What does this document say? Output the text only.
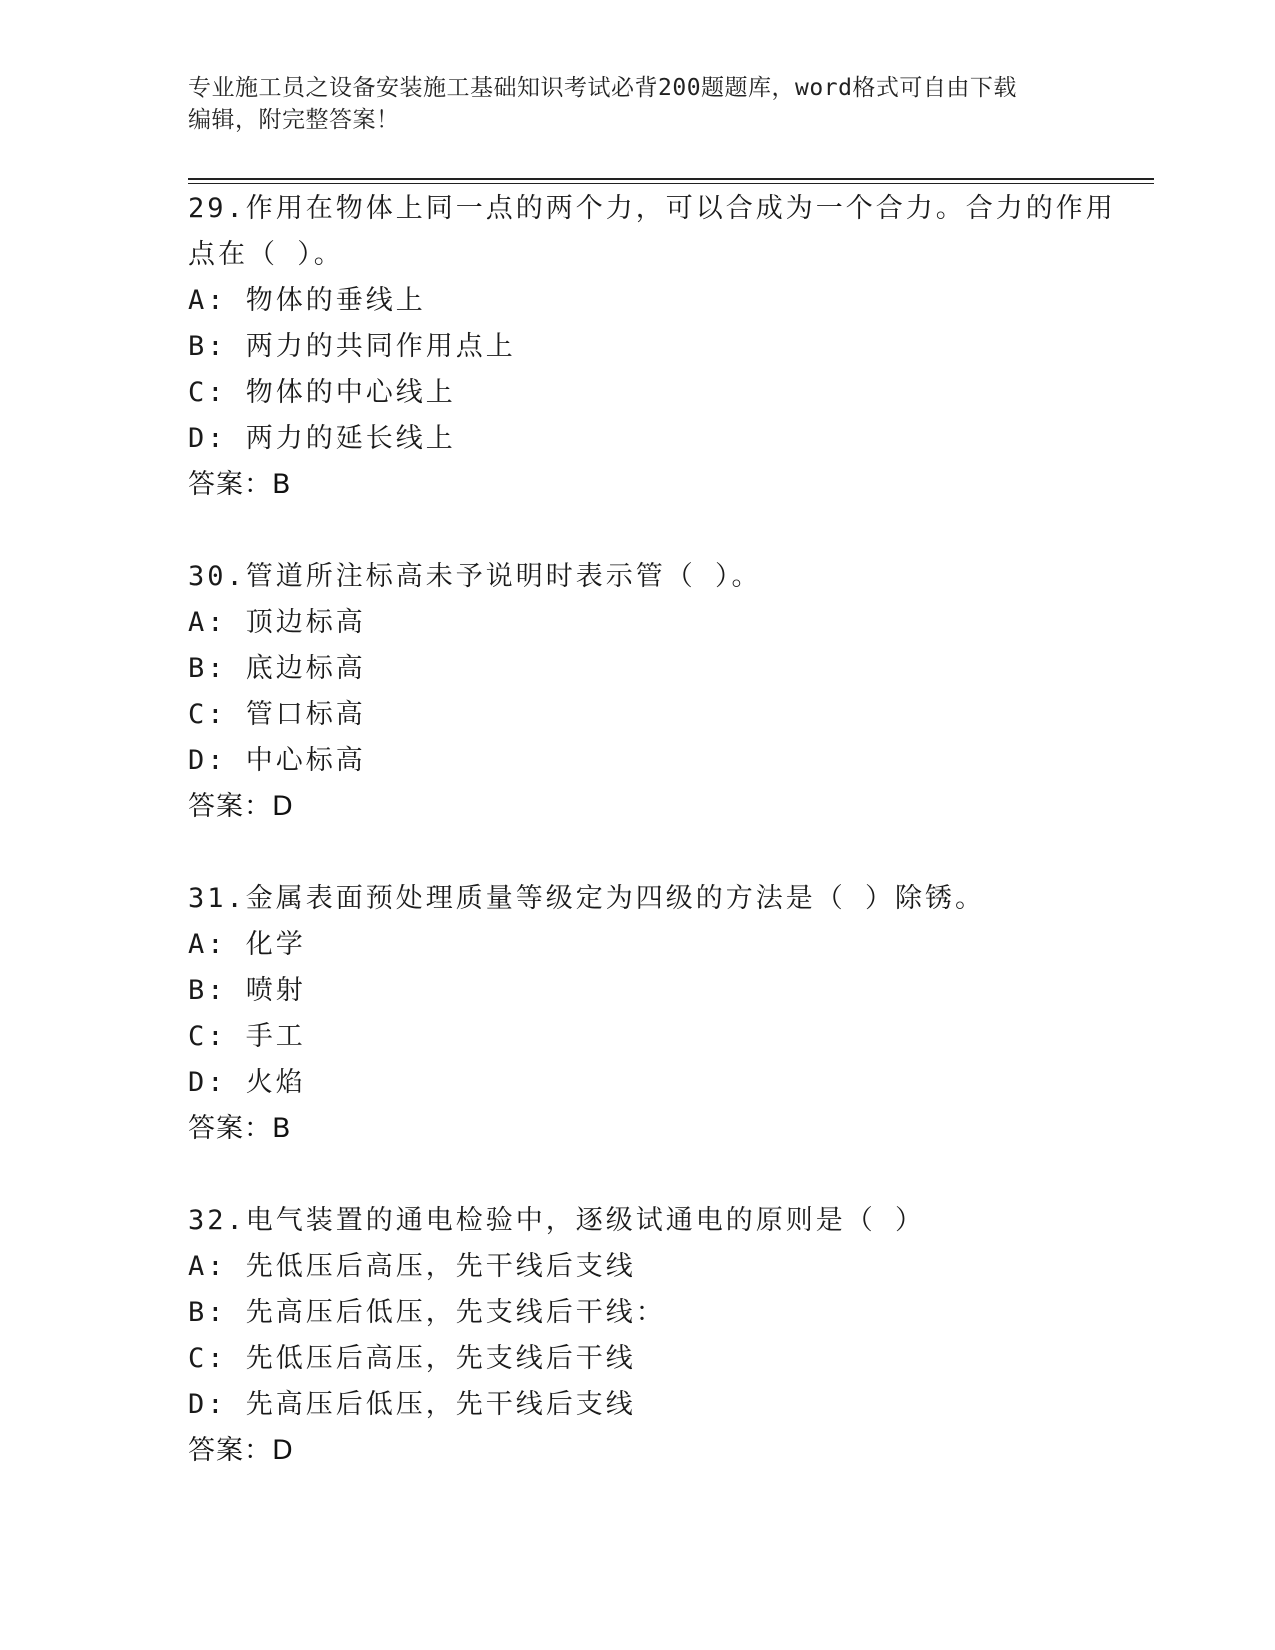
专业施工员之设备安装施工基础知识考试必背200题题库，word格式可自由下载
编辑，附完整答案！
29.作用在物体上同一点的两个力，可以合成为一个合力。合力的作用
点在（ ）。
A: 物体的垂线上
B: 两力的共同作用点上
C: 物体的中心线上
D: 两力的延长线上
答案：B
30.管道所注标高未予说明时表示管（ ）。
A: 顶边标高
B: 底边标高
C: 管口标高
D: 中心标高
答案：D
31.金属表面预处理质量等级定为四级的方法是（ ）除锈。
A: 化学
B: 喷射
C: 手工
D: 火焰
答案：B
32.电气装置的通电检验中，逐级试通电的原则是（ ）
A: 先低压后高压，先干线后支线
B: 先高压后低压，先支线后干线：
C: 先低压后高压，先支线后干线
D: 先高压后低压，先干线后支线
答案：D
